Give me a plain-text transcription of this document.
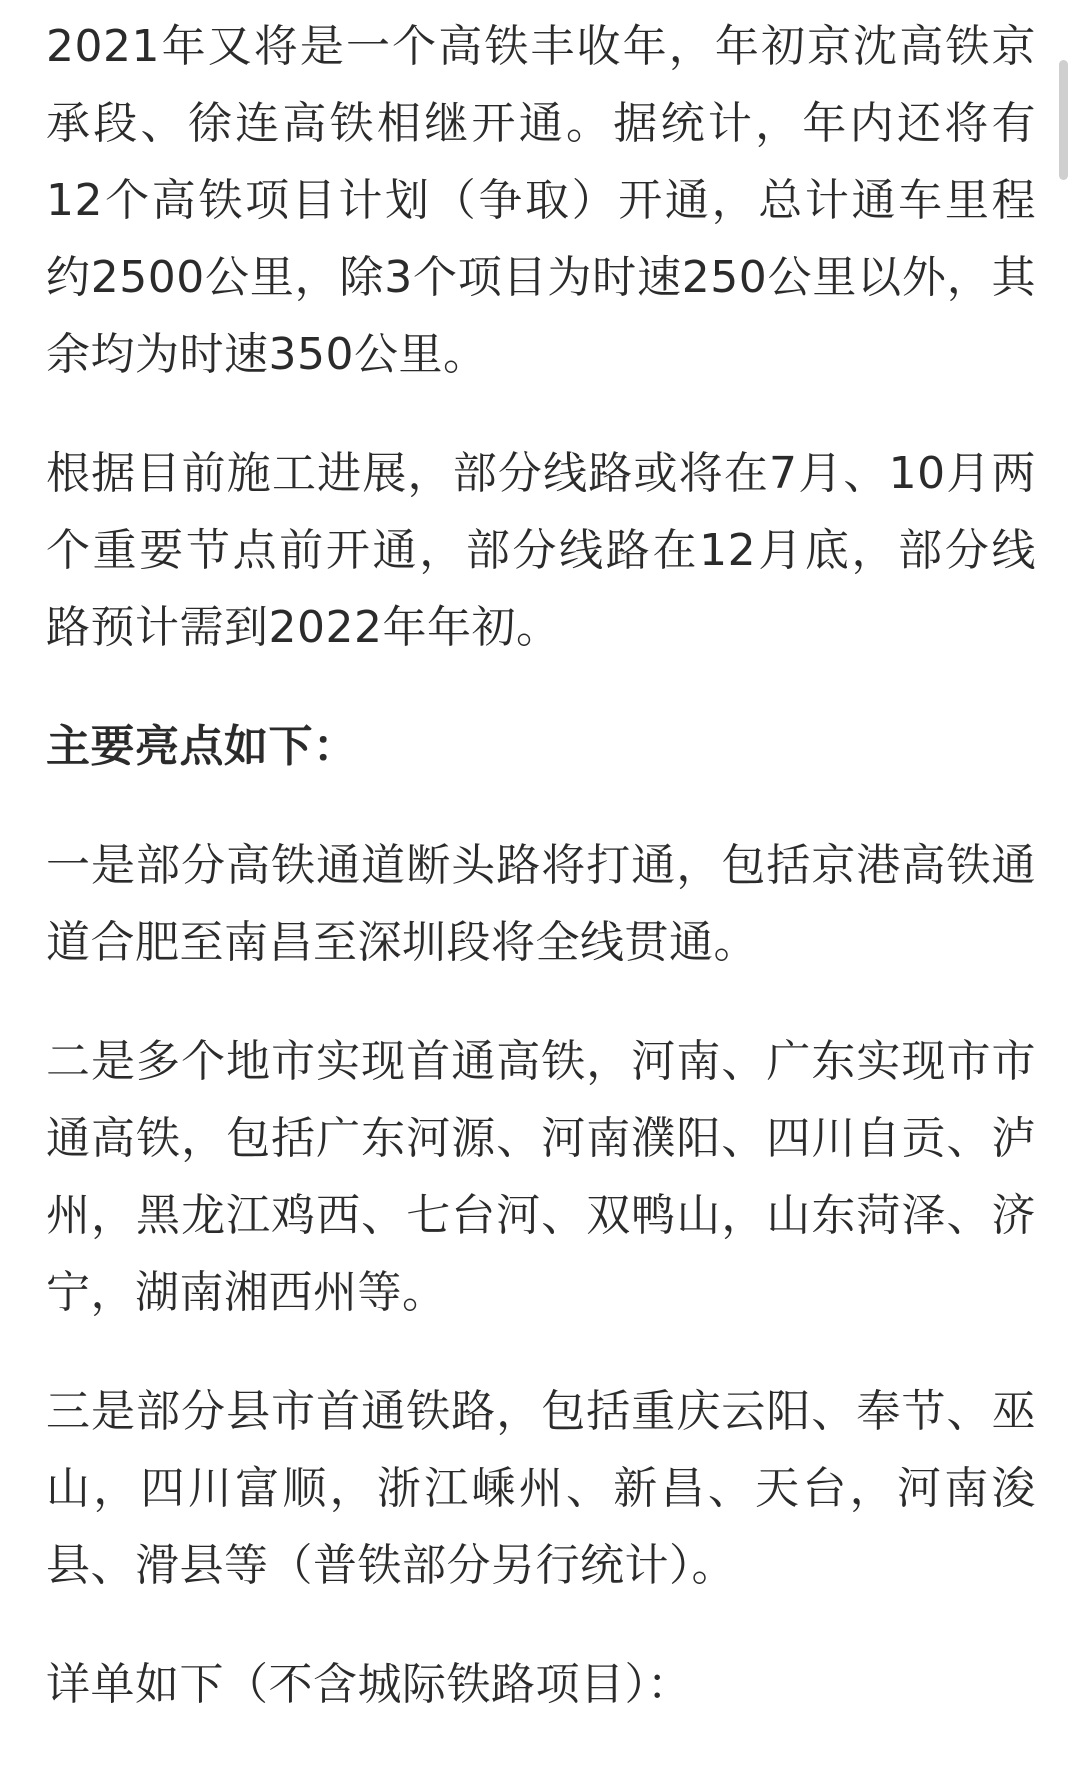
2021年又将是一个高铁丰收年，年初京沈高铁京承段、徐连高铁相继开通。据统计，年内还将有12个高铁项目计划（争取）开通，总计通车里程约2500公里，除3个项目为时速250公里以外，其余均为时速350公里。

根据目前施工进展，部分线路或将在7月、10月两个重要节点前开通，部分线路在12月底，部分线路预计需到2022年年初。

主要亮点如下：

一是部分高铁通道断头路将打通，包括京港高铁通道合肥至南昌至深圳段将全线贯通。

二是多个地市实现首通高铁，河南、广东实现市市通高铁，包括广东河源、河南濮阳、四川自贡、泸州，黑龙江鸡西、七台河、双鸭山，山东菏泽、济宁，湖南湘西州等。

三是部分县市首通铁路，包括重庆云阳、奉节、巫山，四川富顺，浙江嵊州、新昌、天台，河南浚县、滑县等（普铁部分另行统计）。

详单如下（不含城际铁路项目）：
